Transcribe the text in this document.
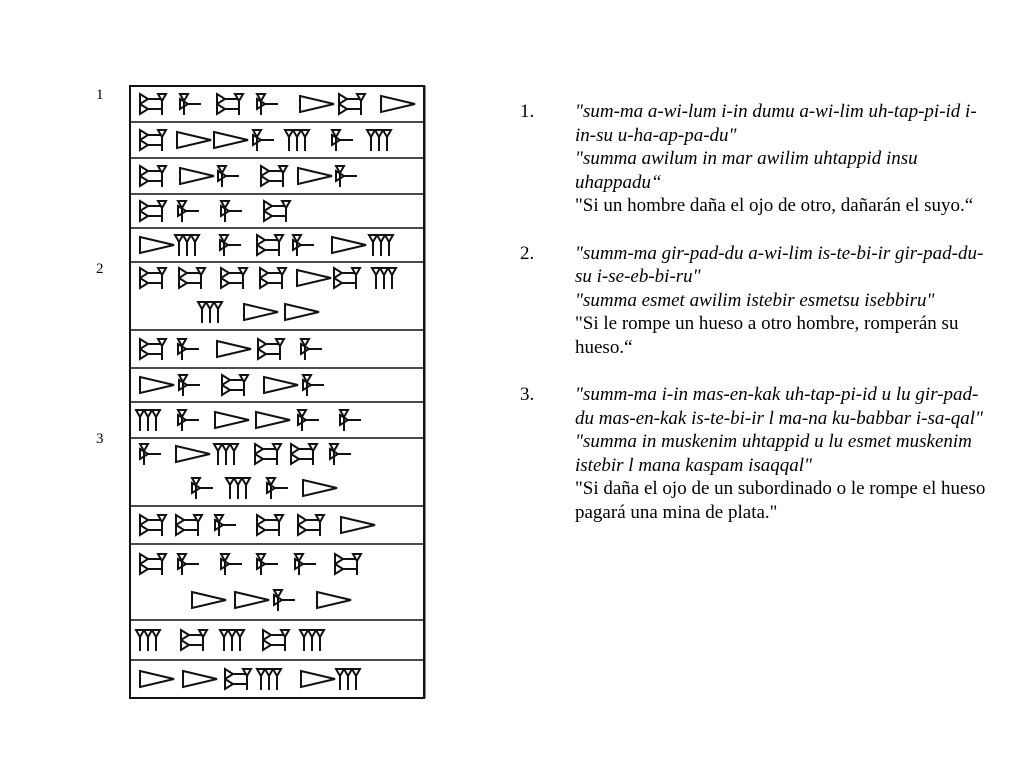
1
2
3
1. "sum-ma a-wi-lum i-in dumu a-wi-lim uh-tap-pi-id i-in-su u-ha-ap-pa-du"
"summa awilum in mar awilim uhtappid insu uhappadu“
"Si un hombre daña el ojo de otro, dañarán el suyo.“
2. "summ-ma gir-pad-du a-wi-lim is-te-bi-ir gir-pad-du-su i-se-eb-bi-ru"
"summa esmet awilim istebir esmetsu isebbiru"
"Si le rompe un hueso a otro hombre, romperán su hueso.“
3. "summ-ma i-in mas-en-kak uh-tap-pi-id u lu gir-pad-du mas-en-kak is-te-bi-ir l ma-na ku-babbar i-sa-qal"
"summa in muskenim uhtappid u lu esmet muskenim istebir l mana kaspam isaqqal"
"Si daña el ojo de un subordinado o le rompe el hueso pagará una mina de plata."
